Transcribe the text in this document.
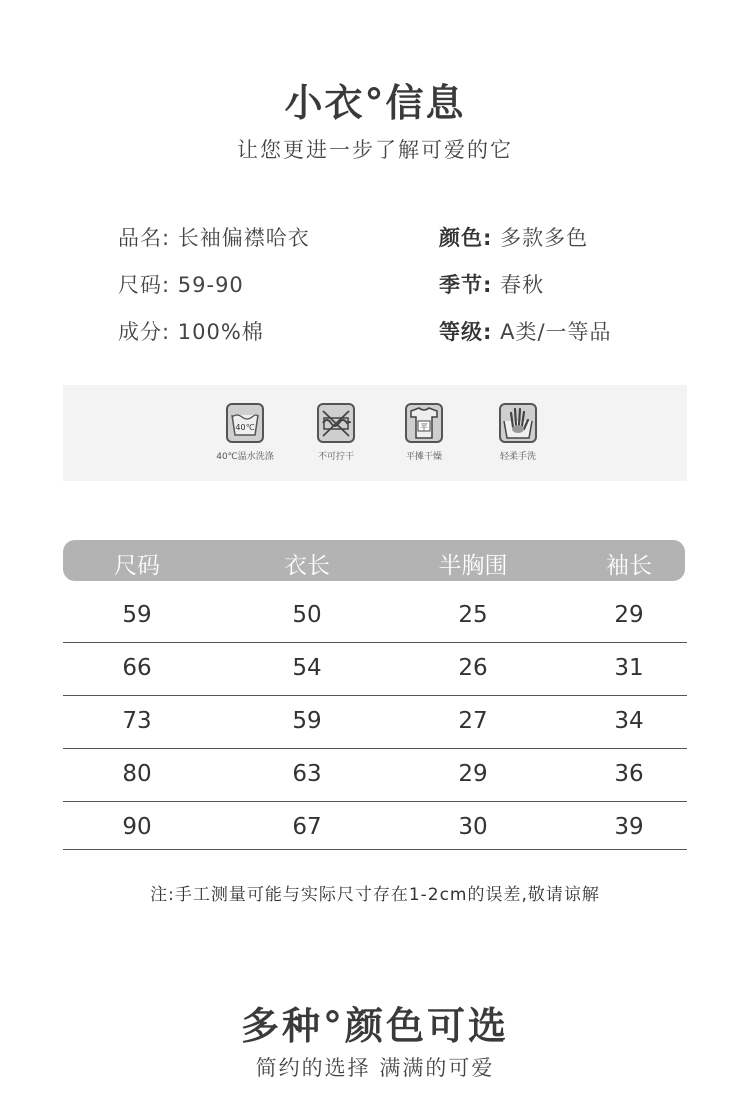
小衣°信息
让您更进一步了解可爱的它
品名: 长袖偏襟哈衣
尺码: 59-90
成分: 100%棉
颜色: 多款多色
季节: 春秋
等级: A类/一等品
40℃
40℃温水洗涤	不可拧干
平
平摊干燥	轻柔手洗
尺码	衣长	半胸围	袖长
59	50	25	29
66	54	26	31
73	59	27	34
80	63	29	36
90	67	30	39
注:手工测量可能与实际尺寸存在1-2cm的误差,敬请谅解
多种°颜色可选
简约的选择 满满的可爱
